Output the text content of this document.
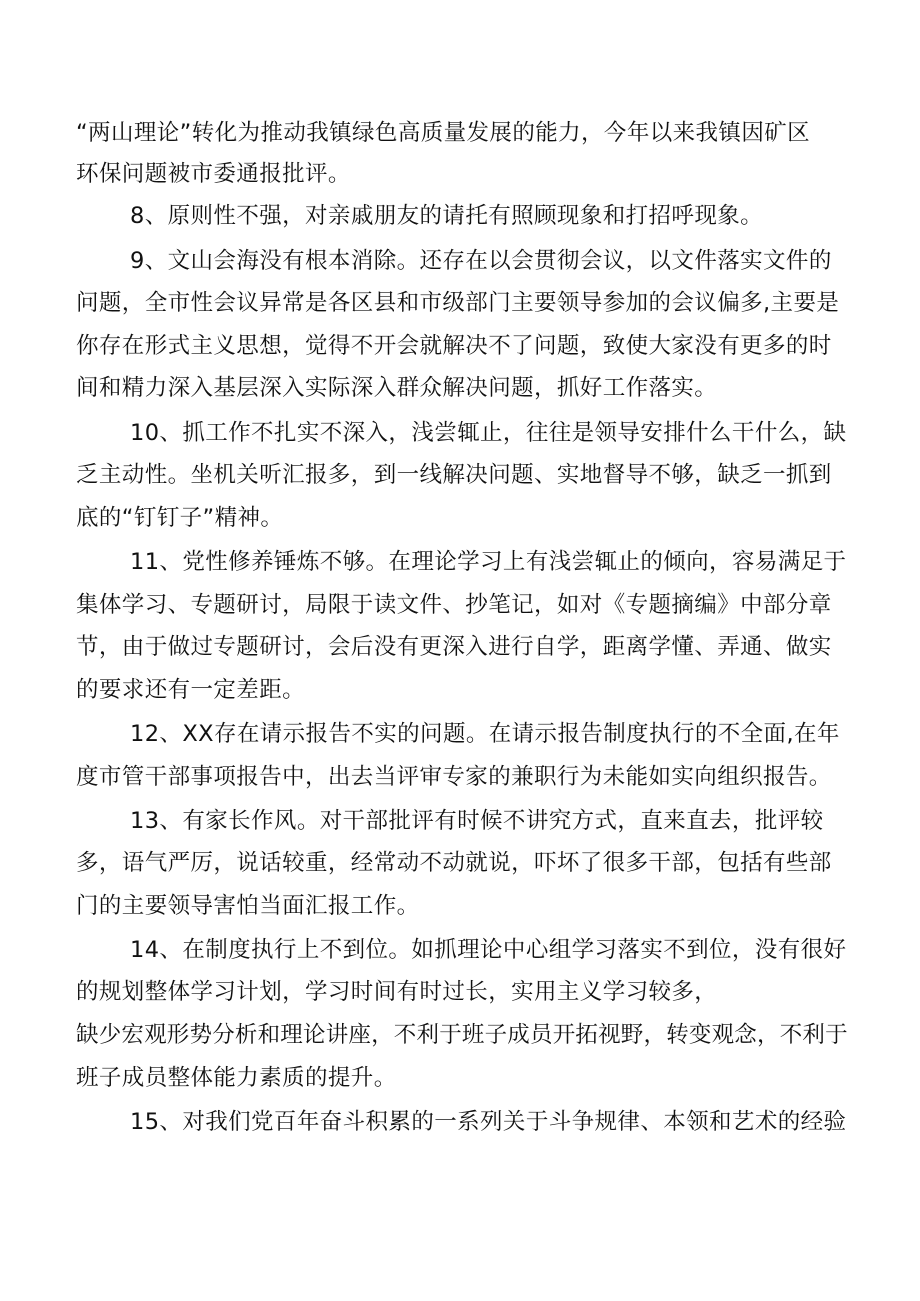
“两山理论”转化为推动我镇绿色高质量发展的能力，今年以来我镇因矿区
环保问题被市委通报批评。
8、原则性不强，对亲戚朋友的请托有照顾现象和打招呼现象。
9、文山会海没有根本消除。还存在以会贯彻会议，以文件落实文件的
问题，全市性会议异常是各区县和市级部门主要领导参加的会议偏多,主要是
你存在形式主义思想，觉得不开会就解决不了问题，致使大家没有更多的时
间和精力深入基层深入实际深入群众解决问题，抓好工作落实。
10、抓工作不扎实不深入，浅尝辄止，往往是领导安排什么干什么，缺
乏主动性。坐机关听汇报多，到一线解决问题、实地督导不够，缺乏一抓到
底的“钉钉子”精神。
11、党性修养锤炼不够。在理论学习上有浅尝辄止的倾向，容易满足于
集体学习、专题研讨，局限于读文件、抄笔记，如对《专题摘编》中部分章
节，由于做过专题研讨，会后没有更深入进行自学，距离学懂、弄通、做实
的要求还有一定差距。
12、XX存在请示报告不实的问题。在请示报告制度执行的不全面,在年
度市管干部事项报告中，出去当评审专家的兼职行为未能如实向组织报告。
13、有家长作风。对干部批评有时候不讲究方式，直来直去，批评较
多，语气严厉，说话较重，经常动不动就说，吓坏了很多干部，包括有些部
门的主要领导害怕当面汇报工作。
14、在制度执行上不到位。如抓理论中心组学习落实不到位，没有很好
的规划整体学习计划，学习时间有时过长，实用主义学习较多，
缺少宏观形势分析和理论讲座，不利于班子成员开拓视野，转变观念，不利于
班子成员整体能力素质的提升。
15、对我们党百年奋斗积累的一系列关于斗争规律、本领和艺术的经验
